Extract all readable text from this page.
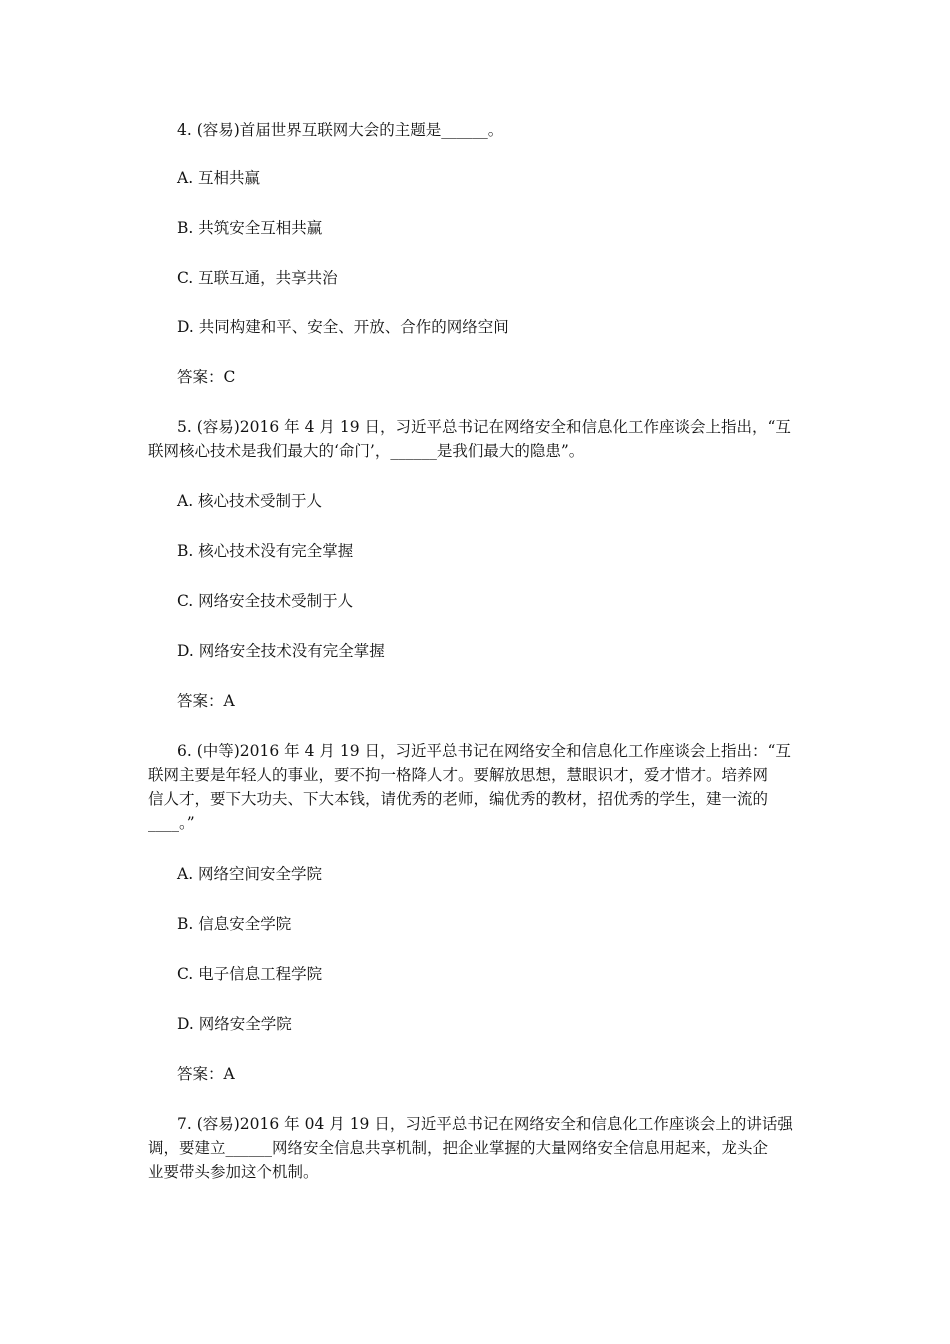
4. (容易)首届世界互联网大会的主题是______。
A. 互相共赢
B. 共筑安全互相共赢
C. 互联互通，共享共治
D. 共同构建和平、安全、开放、合作的网络空间
答案：C
5. (容易)2016 年 4 月 19 日，习近平总书记在网络安全和信息化工作座谈会上指出，“互
联网核心技术是我们最大的‘命门’，______是我们最大的隐患”。
A. 核心技术受制于人
B. 核心技术没有完全掌握
C. 网络安全技术受制于人
D. 网络安全技术没有完全掌握
答案：A
6. (中等)2016 年 4 月 19 日，习近平总书记在网络安全和信息化工作座谈会上指出：“互
联网主要是年轻人的事业，要不拘一格降人才。要解放思想，慧眼识才，爱才惜才。培养网
信人才，要下大功夫、下大本钱，请优秀的老师，编优秀的教材，招优秀的学生，建一流的
____。”
A. 网络空间安全学院
B. 信息安全学院
C. 电子信息工程学院
D. 网络安全学院
答案：A
7. (容易)2016 年 04 月 19 日，习近平总书记在网络安全和信息化工作座谈会上的讲话强
调，要建立______网络安全信息共享机制，把企业掌握的大量网络安全信息用起来，龙头企
业要带头参加这个机制。
